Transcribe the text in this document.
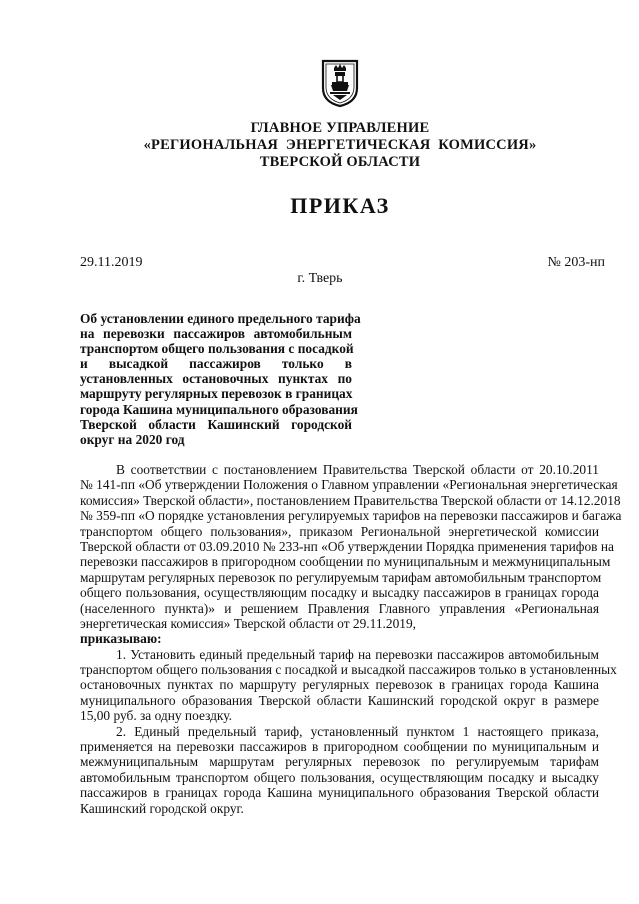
ГЛАВНОЕ УПРАВЛЕНИЕ
«РЕГИОНАЛЬНАЯ ЭНЕРГЕТИЧЕСКАЯ КОМИССИЯ»
ТВЕРСКОЙ ОБЛАСТИ
ПРИКАЗ
29.11.2019	№ 203-нп
г. Тверь
Об установлении единого предельного тарифа
на перевозки пассажиров автомобильным
транспортом общего пользования с посадкой
и высадкой пассажиров только в
установленных остановочных пунктах по
маршруту регулярных перевозок в границах
города Кашина муниципального образования
Тверской области Кашинский городской
округ на 2020 год
В соответствии с постановлением Правительства Тверской области от 20.10.2011
№ 141-пп «Об утверждении Положения о Главном управлении «Региональная энергетическая
комиссия» Тверской области», постановлением Правительства Тверской области от 14.12.2018
№ 359-пп «О порядке установления регулируемых тарифов на перевозки пассажиров и багажа
транспортом общего пользования», приказом Региональной энергетической комиссии
Тверской области от 03.09.2010 № 233-нп «Об утверждении Порядка применения тарифов на
перевозки пассажиров в пригородном сообщении по муниципальным и межмуниципальным
маршрутам регулярных перевозок по регулируемым тарифам автомобильным транспортом
общего пользования, осуществляющим посадку и высадку пассажиров в границах города
(населенного пункта)» и решением Правления Главного управления «Региональная
энергетическая комиссия» Тверской области от 29.11.2019,
приказываю:
1. Установить единый предельный тариф на перевозки пассажиров автомобильным
транспортом общего пользования с посадкой и высадкой пассажиров только в установленных
остановочных пунктах по маршруту регулярных перевозок в границах города Кашина
муниципального образования Тверской области Кашинский городской округ в размере
15,00 руб. за одну поездку.
2. Единый предельный тариф, установленный пунктом 1 настоящего приказа,
применяется на перевозки пассажиров в пригородном сообщении по муниципальным и
межмуниципальным маршрутам регулярных перевозок по регулируемым тарифам
автомобильным транспортом общего пользования, осуществляющим посадку и высадку
пассажиров в границах города Кашина муниципального образования Тверской области
Кашинский городской округ.
